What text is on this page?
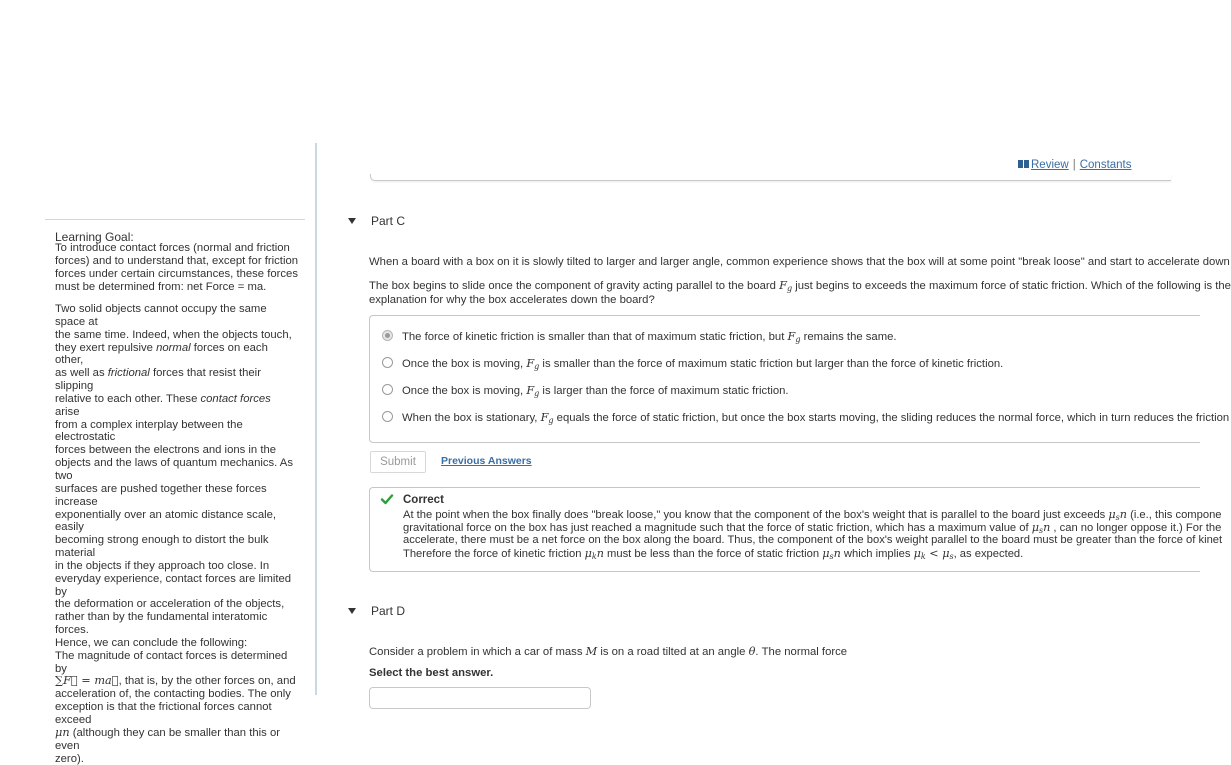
Learning Goal:
To introduce contact forces (normal and friction
forces) and to understand that, except for friction
forces under certain circumstances, these forces
must be determined from: net Force = ma.
Two solid objects cannot occupy the same space at
the same time. Indeed, when the objects touch,
they exert repulsive normal forces on each other,
as well as frictional forces that resist their slipping
relative to each other. These contact forces arise
from a complex interplay between the electrostatic
forces between the electrons and ions in the
objects and the laws of quantum mechanics. As two
surfaces are pushed together these forces increase
exponentially over an atomic distance scale, easily
becoming strong enough to distort the bulk material
in the objects if they approach too close. In
everyday experience, contact forces are limited by
the deformation or acceleration of the objects,
rather than by the fundamental interatomic forces.
Hence, we can conclude the following:
The magnitude of contact forces is determined by
∑F⃗ = ma⃗, that is, by the other forces on, and
acceleration of, the contacting bodies. The only
exception is that the frictional forces cannot exceed
μn (although they can be smaller than this or even
zero).
Review | Constants
Part C
When a board with a box on it is slowly tilted to larger and larger angle, common experience shows that the box will at some point "break loose" and start to accelerate down
The box begins to slide once the component of gravity acting parallel to the board $F_g$ just begins to exceeds the maximum force of static friction. Which of the following is the
explanation for why the box accelerates down the board?
The force of kinetic friction is smaller than that of maximum static friction, but $F_g$ remains the same.
Once the box is moving, $F_g$ is smaller than the force of maximum static friction but larger than the force of kinetic friction.
Once the box is moving, $F_g$ is larger than the force of maximum static friction.
When the box is stationary, $F_g$ equals the force of static friction, but once the box starts moving, the sliding reduces the normal force, which in turn reduces the friction
Submit	Previous Answers
Correct
At the point when the box finally does "break loose," you know that the component of the box's weight that is parallel to the board just exceeds $\mu_sn$ (i.e., this compone
gravitational force on the box has just reached a magnitude such that the force of static friction, which has a maximum value of $\mu_sn$ , can no longer oppose it.) For the
accelerate, there must be a net force on the box along the board. Thus, the component of the box's weight parallel to the board must be greater than the force of kinet
Therefore the force of kinetic friction $\mu_kn$ must be less than the force of static friction $\mu_sn$ which implies $\mu_k < \mu_s$, as expected.
Part D
Consider a problem in which a car of mass M is on a road tilted at an angle θ. The normal force
Select the best answer.
